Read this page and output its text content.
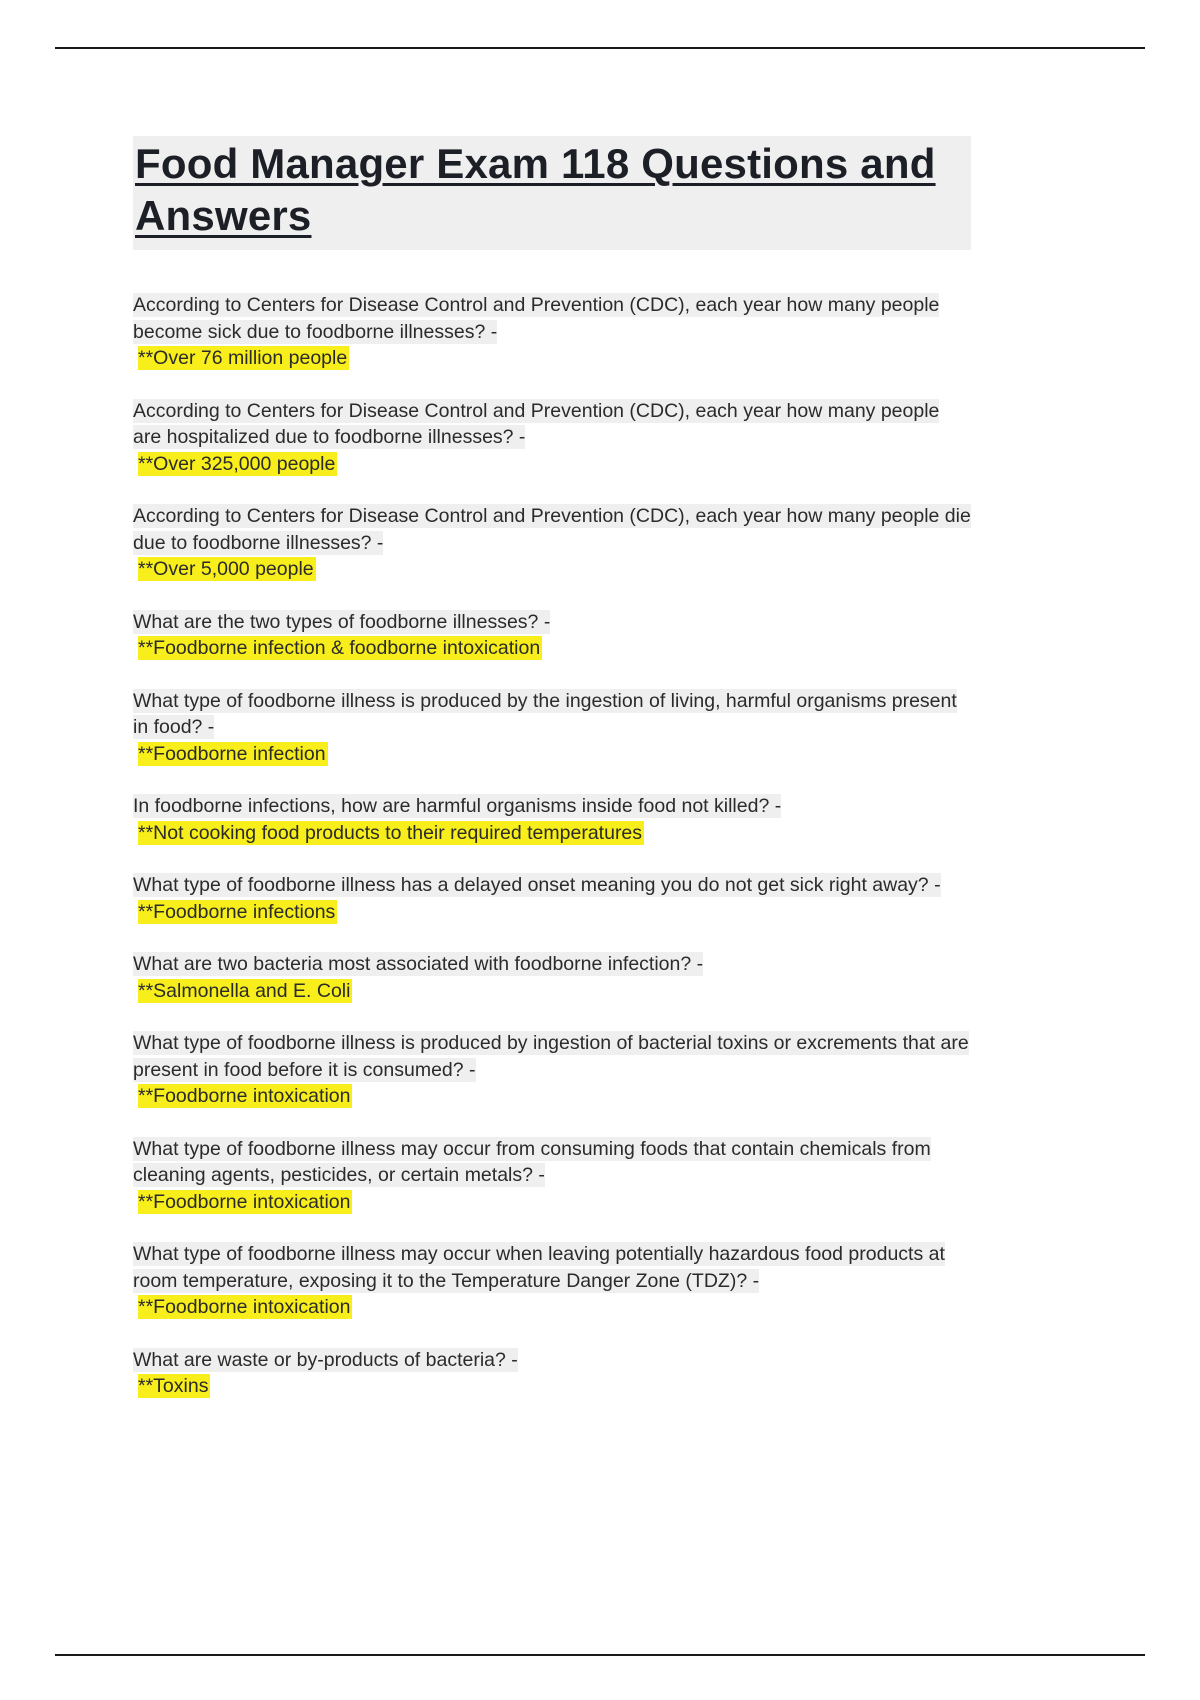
Food Manager Exam 118 Questions and Answers

According to Centers for Disease Control and Prevention (CDC), each year how many people become sick due to foodborne illnesses? -

**Over 76 million people

According to Centers for Disease Control and Prevention (CDC), each year how many people are hospitalized due to foodborne illnesses? -

**Over 325,000 people

According to Centers for Disease Control and Prevention (CDC), each year how many people die due to foodborne illnesses? -

**Over 5,000 people

What are the two types of foodborne illnesses? -

**Foodborne infection & foodborne intoxication

What type of foodborne illness is produced by the ingestion of living, harmful organisms present in food? -

**Foodborne infection

In foodborne infections, how are harmful organisms inside food not killed? -

**Not cooking food products to their required temperatures

What type of foodborne illness has a delayed onset meaning you do not get sick right away? -

**Foodborne infections

What are two bacteria most associated with foodborne infection? -

**Salmonella and E. Coli

What type of foodborne illness is produced by ingestion of bacterial toxins or excrements that are present in food before it is consumed? -

**Foodborne intoxication

What type of foodborne illness may occur from consuming foods that contain chemicals from cleaning agents, pesticides, or certain metals? -

**Foodborne intoxication

What type of foodborne illness may occur when leaving potentially hazardous food products at room temperature, exposing it to the Temperature Danger Zone (TDZ)? -

**Foodborne intoxication

What are waste or by-products of bacteria? -

**Toxins
